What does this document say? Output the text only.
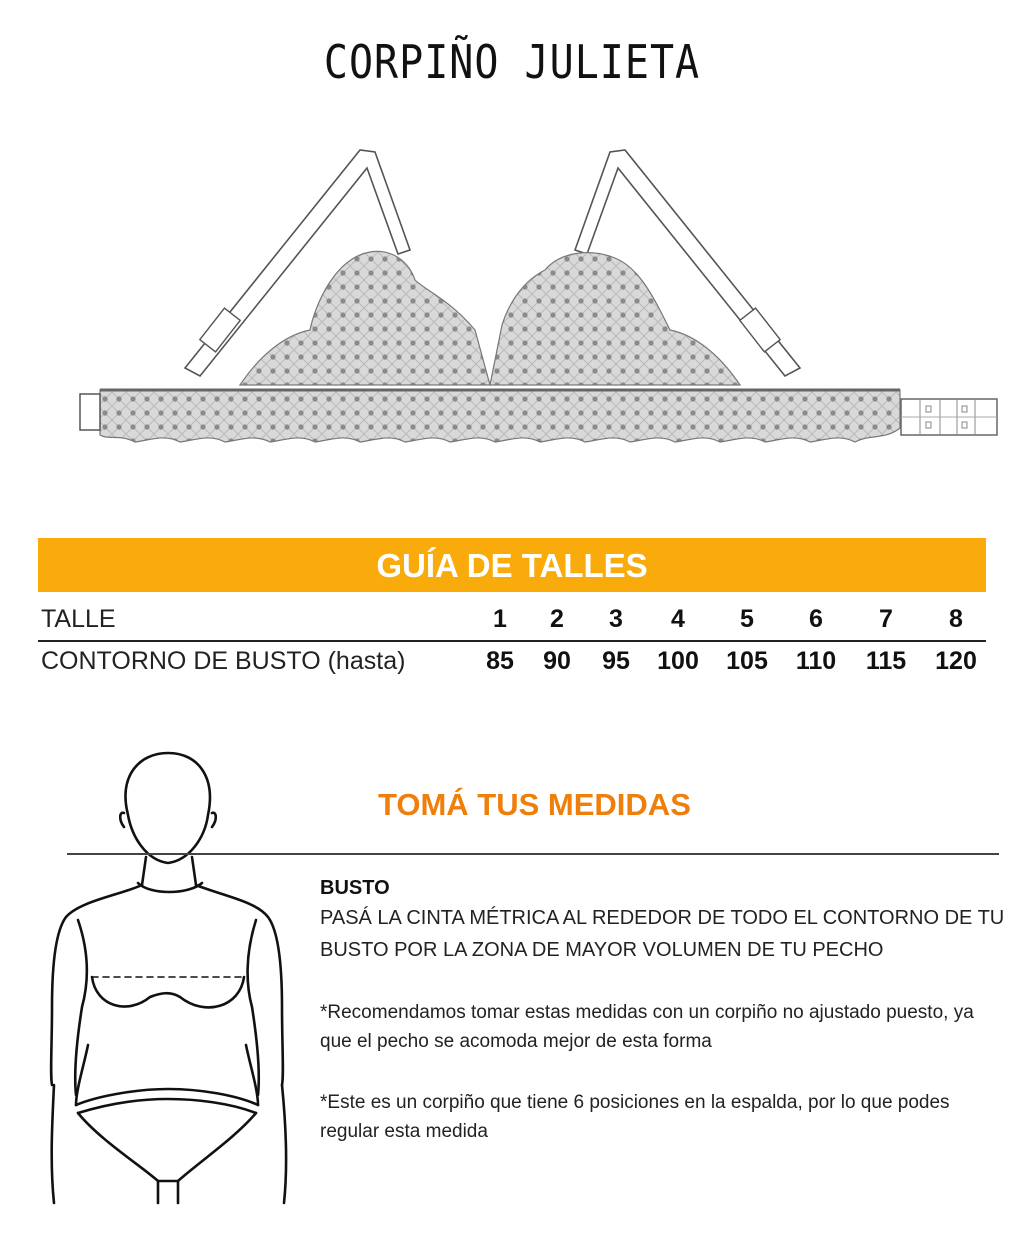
CORPIÑO JULIETA
GUÍA DE TALLES
TALLE	1	2	3	4	5	6	7	8
CONTORNO DE BUSTO (hasta)	85	90	95	100	105	110	115	120
TOMÁ TUS MEDIDAS
BUSTO
PASÁ LA CINTA MÉTRICA AL REDEDOR DE TODO EL CONTORNO DE TU BUSTO POR LA ZONA DE MAYOR VOLUMEN DE TU PECHO
*Recomendamos tomar estas medidas con un corpiño no ajustado puesto, ya que el pecho se acomoda mejor de esta forma
*Este es un corpiño que tiene 6 posiciones en la espalda, por lo que podes regular esta medida
